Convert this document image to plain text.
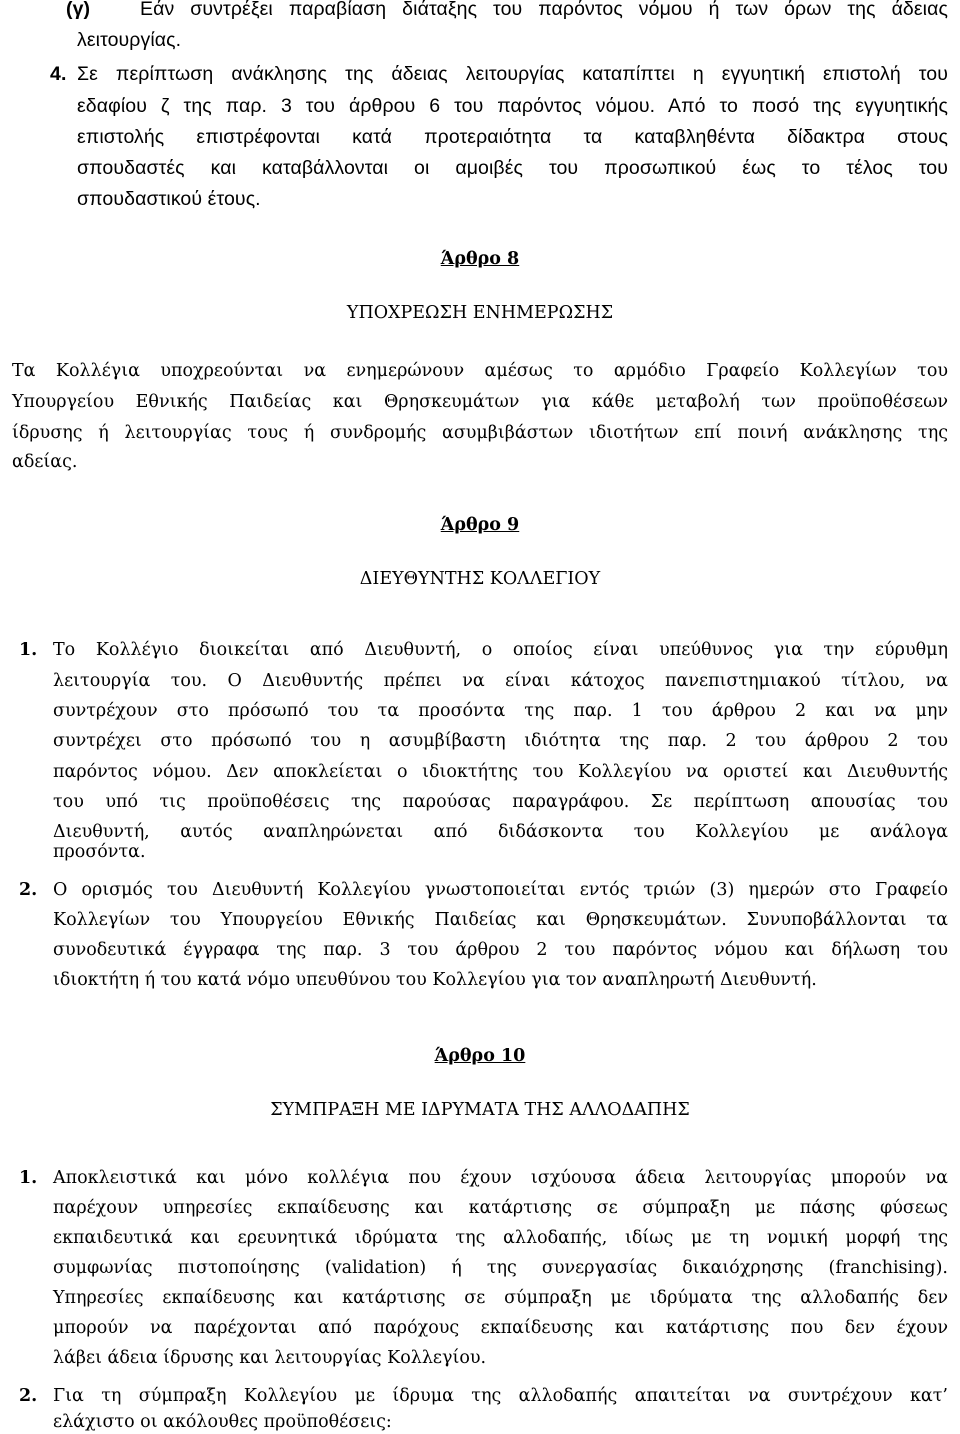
(γ)	Εάν συντρέξει παραβίαση διάταξης του παρόντος νόμου ή των όρων της άδειας
λειτουργίας.
4. Σε περίπτωση ανάκλησης της άδειας λειτουργίας καταπίπτει η εγγυητική επιστολή του
εδαφίου ζ της παρ. 3 του άρθρου 6 του παρόντος νόμου. Από το ποσό της εγγυητικής
επιστολής επιστρέφονται κατά προτεραιότητα τα καταβληθέντα δίδακτρα στους
σπουδαστές και καταβάλλονται οι αμοιβές του προσωπικού έως το τέλος του
σπουδαστικού έτους.
Άρθρο 8
ΥΠΟΧΡΕΩΣΗ ΕΝΗΜΕΡΩΣΗΣ
Τα Κολλέγια υποχρεούνται να ενημερώνουν αμέσως το αρμόδιο Γραφείο Κολλεγίων του
Υπουργείου Εθνικής Παιδείας και Θρησκευμάτων για κάθε μεταβολή των προϋποθέσεων
ίδρυσης ή λειτουργίας τους ή συνδρομής ασυμβιβάστων ιδιοτήτων επί ποινή ανάκλησης της
αδείας.
Άρθρο 9
ΔΙΕΥΘΥΝΤΗΣ ΚΟΛΛΕΓΙΟΥ
1. Το Κολλέγιο διοικείται από Διευθυντή, ο οποίος είναι υπεύθυνος για την εύρυθμη
λειτουργία του. Ο Διευθυντής πρέπει να είναι κάτοχος πανεπιστημιακού τίτλου, να
συντρέχουν στο πρόσωπό του τα προσόντα της παρ. 1 του άρθρου 2 και να μην
συντρέχει στο πρόσωπό του η ασυμβίβαστη ιδιότητα της παρ. 2 του άρθρου 2 του
παρόντος νόμου. Δεν αποκλείεται ο ιδιοκτήτης του Κολλεγίου να οριστεί και Διευθυντής
του υπό τις προϋποθέσεις της παρούσας παραγράφου. Σε περίπτωση απουσίας του
Διευθυντή, αυτός αναπληρώνεται από διδάσκοντα του Κολλεγίου με ανάλογα
προσόντα.
2. Ο ορισμός του Διευθυντή Κολλεγίου γνωστοποιείται εντός τριών (3) ημερών στο Γραφείο
Κολλεγίων του Υπουργείου Εθνικής Παιδείας και Θρησκευμάτων. Συνυποβάλλονται τα
συνοδευτικά έγγραφα της παρ. 3 του άρθρου 2 του παρόντος νόμου και δήλωση του
ιδιοκτήτη ή του κατά νόμο υπευθύνου του Κολλεγίου για τον αναπληρωτή Διευθυντή.
Άρθρο 10
ΣΥΜΠΡΑΞΗ ΜΕ ΙΔΡΥΜΑΤΑ ΤΗΣ ΑΛΛΟΔΑΠΗΣ
1. Αποκλειστικά και μόνο κολλέγια που έχουν ισχύουσα άδεια λειτουργίας μπορούν να
παρέχουν υπηρεσίες εκπαίδευσης και κατάρτισης σε σύμπραξη με πάσης φύσεως
εκπαιδευτικά και ερευνητικά ιδρύματα της αλλοδαπής, ιδίως με τη νομική μορφή της
συμφωνίας πιστοποίησης (validation) ή της συνεργασίας δικαιόχρησης (franchising).
Υπηρεσίες εκπαίδευσης και κατάρτισης σε σύμπραξη με ιδρύματα της αλλοδαπής δεν
μπορούν να παρέχονται από παρόχους εκπαίδευσης και κατάρτισης που δεν έχουν
λάβει άδεια ίδρυσης και λειτουργίας Κολλεγίου.
2. Για τη σύμπραξη Κολλεγίου με ίδρυμα της αλλοδαπής απαιτείται να συντρέχουν κατ’
ελάχιστο οι ακόλουθες προϋποθέσεις:
